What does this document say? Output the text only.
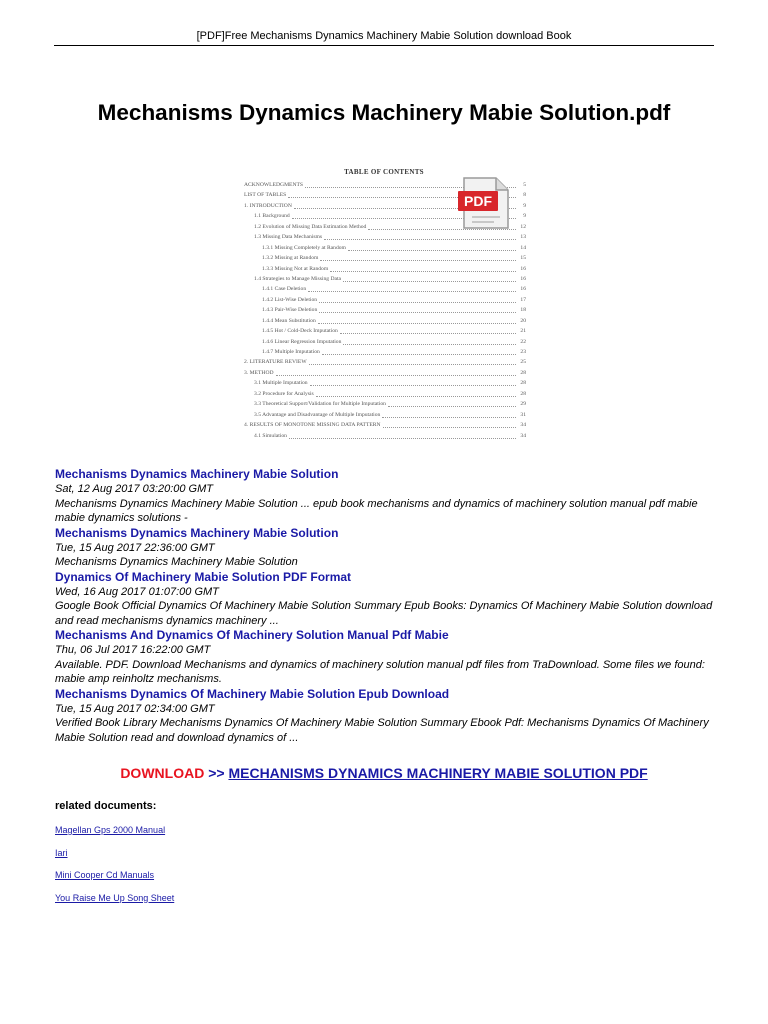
[PDF]Free Mechanisms Dynamics Machinery Mabie Solution download Book
Mechanisms Dynamics Machinery Mabie Solution.pdf
TABLE OF CONTENTS
ACKNOWLEDGMENTS	5
LIST OF TABLES	8
1. INTRODUCTION	9
1.1 Background	9
1.2 Evolution of Missing Data Estimation Method	12
1.3 Missing Data Mechanisms	13
1.3.1 Missing Completely at Random	14
1.3.2 Missing at Random	15
1.3.3 Missing Not at Random	16
1.4 Strategies to Manage Missing Data	16
1.4.1 Case Deletion	16
1.4.2 List-Wise Deletion	17
1.4.3 Pair-Wise Deletion	18
1.4.4 Mean Substitution	20
1.4.5 Hot / Cold-Deck Imputation	21
1.4.6 Linear Regression Imputation	22
1.4.7 Multiple Imputation	23
2. LITERATURE REVIEW	25
3. METHOD	28
3.1 Multiple Imputation	28
3.2 Procedure for Analysis	28
3.3 Theoretical Support/Validation for Multiple Imputation	29
3.5 Advantage and Disadvantage of Multiple Imputation	31
4. RESULTS OF MONOTONE MISSING DATA PATTERN	34
4.1 Simulation	34
PDF
Mechanisms Dynamics Machinery Mabie Solution
Sat, 12 Aug 2017 03:20:00 GMT
Mechanisms Dynamics Machinery Mabie Solution ... epub book mechanisms and dynamics of machinery solution manual pdf mabie mabie dynamics solutions -
Mechanisms Dynamics Machinery Mabie Solution
Tue, 15 Aug 2017 22:36:00 GMT
Mechanisms Dynamics Machinery Mabie Solution
Dynamics Of Machinery Mabie Solution PDF Format
Wed, 16 Aug 2017 01:07:00 GMT
Google Book Official Dynamics Of Machinery Mabie Solution Summary Epub Books: Dynamics Of Machinery Mabie Solution download and read mechanisms dynamics machinery ...
Mechanisms And Dynamics Of Machinery Solution Manual Pdf Mabie
Thu, 06 Jul 2017 16:22:00 GMT
Available. PDF. Download Mechanisms and dynamics of machinery solution manual pdf files from TraDownload. Some files we found: mabie amp reinholtz mechanisms.
Mechanisms Dynamics Of Machinery Mabie Solution Epub Download
Tue, 15 Aug 2017 02:34:00 GMT
Verified Book Library Mechanisms Dynamics Of Machinery Mabie Solution Summary Ebook Pdf: Mechanisms Dynamics Of Machinery Mabie Solution read and download dynamics of ...
DOWNLOAD >> MECHANISMS DYNAMICS MACHINERY MABIE SOLUTION PDF
related documents:
Magellan Gps 2000 Manual
Iari
Mini Cooper Cd Manuals
You Raise Me Up Song Sheet
